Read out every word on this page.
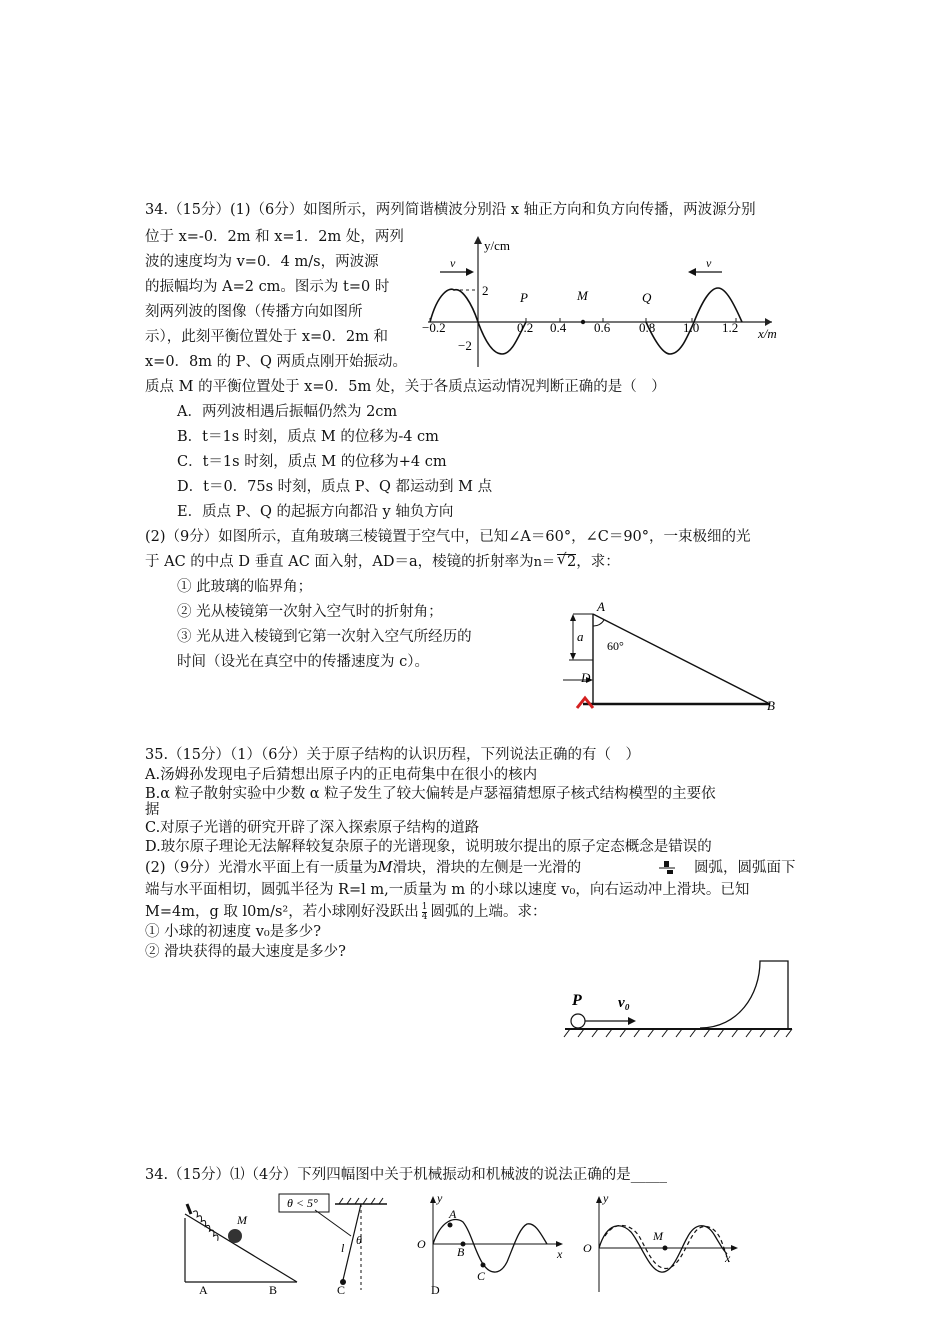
34.（15分）(1)（6分）如图所示，两列简谐横波分别沿 x 轴正方向和负方向传播，两波源分别
位于 x=-0．2m 和 x=1．2m 处，两列
波的速度均为 v=0．4 m/s，两波源
的振幅均为 A=2 cm。图示为 t=0 时
刻两列波的图像（传播方向如图所
示），此刻平衡位置处于 x=0．2m 和
x=0．8m 的 P、Q 两质点刚开始振动。
质点 M 的平衡位置处于 x=0．5m 处，关于各质点运动情况判断正确的是（　）
A．两列波相遇后振幅仍然为 2cm
B．t＝1s 时刻，质点 M 的位移为-4 cm
C．t＝1s 时刻，质点 M 的位移为+4 cm
D．t＝0．75s 时刻，质点 P、Q 都运动到 M 点
E．质点 P、Q 的起振方向都沿 y 轴负方向
y/cm
x/m
2
−2
v	v
−0.2	0.2 0.4 0.6 0.8 1.0 1.2
P	M	Q
(2)（9分）如图所示，直角玻璃三棱镜置于空气中，已知∠A＝60°，∠C＝90°，一束极细的光
于 AC 的中点 D 垂直 AC 面入射，AD＝a，棱镜的折射率为n＝ √ 2，求：
① 此玻璃的临界角；
② 光从棱镜第一次射入空气时的折射角；
③ 光从进入棱镜到它第一次射入空气所经历的
时间（设光在真空中的传播速度为 c）。
a
A
60°
D
B
35.（15分）（1）（6分）关于原子结构的认识历程，下列说法正确的有（　）
A.汤姆孙发现电子后猜想出原子内的正电荷集中在很小的核内
B.α 粒子散射实验中少数 α 粒子发生了较大偏转是卢瑟福猜想原子核式结构模型的主要依
据
C.对原子光谱的研究开辟了深入探索原子结构的道路
D.玻尔原子理论无法解释较复杂原子的光谱现象，说明玻尔提出的原子定态概念是错误的
(2)（9分）光滑水平面上有一质量为M滑块，滑块的左侧是一光滑的	圆弧，圆弧面下
端与水平面相切，圆弧半径为 R=l m,一质量为 m 的小球以速度 v₀，向右运动冲上滑块。已知
M=4m，g 取 l0m/s²，若小球刚好没跃出 $\frac{1}{4}$ 圆弧的上端。求：
① 小球的初速度 v₀是多少?
② 滑块获得的最大速度是多少?
P v₀
34.（15分）⑴（4分）下列四幅图中关于机械振动和机械波的说法正确的是_____
M
A	B
θ < 5°
l
θ
C
y
O
A
B
C
x
D
y
O
M
x
